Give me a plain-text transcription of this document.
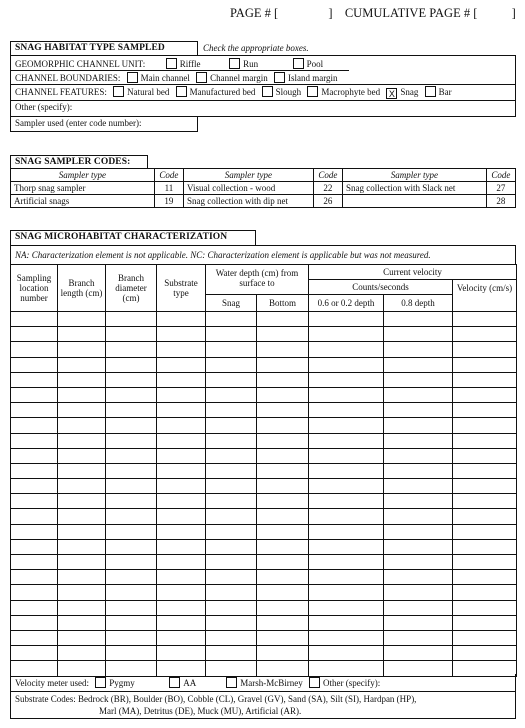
PAGE # [	] CUMULATIVE PAGE # [	]
SNAG HABITAT TYPE SAMPLED	Check the appropriate boxes.
GEOMORPHIC CHANNEL UNIT:	Riffle	Run	Pool
CHANNEL BOUNDARIES: Main channel Channel margin Island margin
CHANNEL FEATURES: Natural bed Manufactured bed Slough Macrophyte bed X Snag Bar
Other (specify):
Sampler used (enter code number):
SNAG SAMPLER CODES:
Sampler type	Code	Sampler type	Code	Sampler type	Code
Thorp snag sampler	11	Visual collection - wood	22	Snag collection with Slack net	27
Artificial snags	19	Snag collection with dip net	26		28
SNAG MICROHABITAT CHARACTERIZATION
NA: Characterization element is not applicable. NC: Characterization element is applicable but was not measured.
Sampling location number	Branch length (cm)	Branch diameter (cm)	Substrate type	Water depth (cm) from surface to		Current velocity		
						Counts/seconds		Velocity (cm/s)
				Snag	Bottom	0.6 or 0.2 depth	0.8 depth	

Velocity meter used: Pygmy	AA	Marsh-McBirney Other (specify):
Substrate Codes: Bedrock (BR), Boulder (BO), Cobble (CL), Gravel (GV), Sand (SA), Silt (SI), Hardpan (HP),
Marl (MA), Detritus (DE), Muck (MU), Artificial (AR).
